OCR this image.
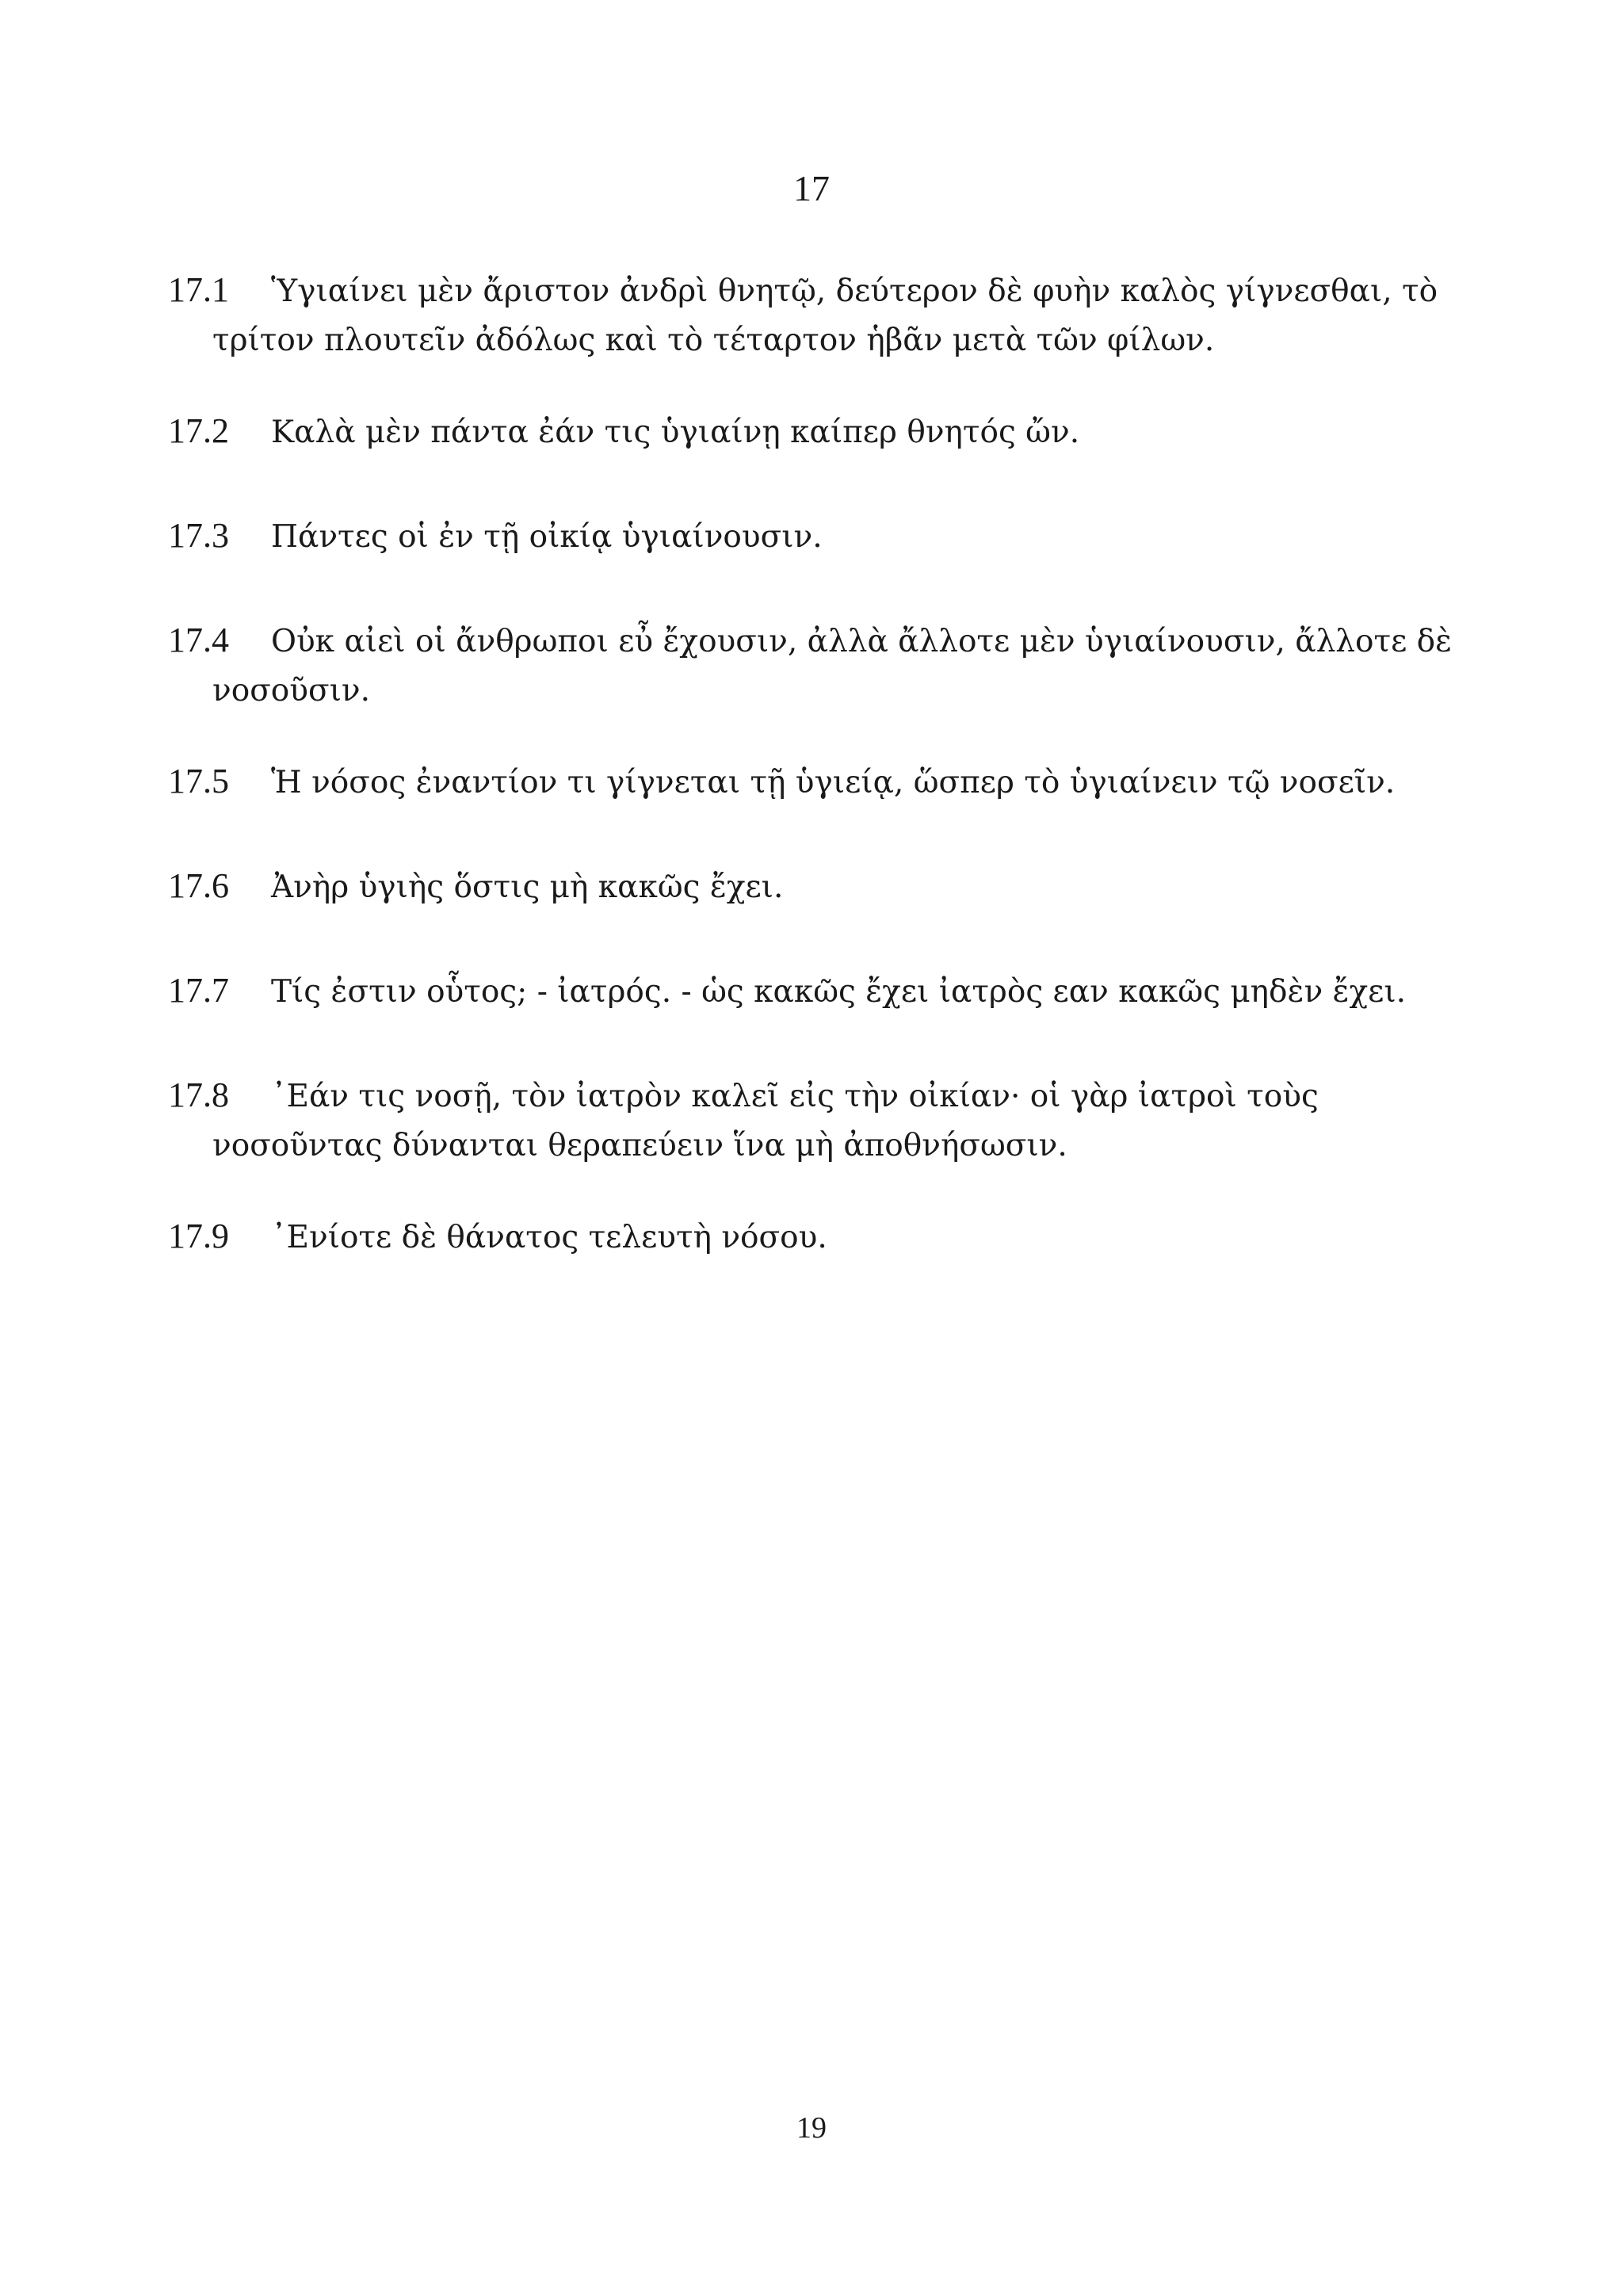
17

17.1 Ὑγιαίνει μὲν ἄριστον ἀνδρὶ θνητῷ, δεύτερον δὲ φυὴν καλὸς γίγνεσθαι, τὸ
τρίτον πλουτεῖν ἀδόλως καὶ τὸ τέταρτον ἡβᾶν μετὰ τῶν φίλων.

17.2 Καλὰ μὲν πάντα ἐάν τις ὑγιαίνῃ καίπερ θνητός ὤν.

17.3 Πάντες οἱ ἐν τῇ οἰκίᾳ ὑγιαίνουσιν.

17.4 Οὐκ αἰεὶ οἱ ἄνθρωποι εὖ ἔχουσιν, ἀλλὰ ἄλλοτε μὲν ὑγιαίνουσιν, ἄλλοτε δὲ
νοσοῦσιν.

17.5 Ἡ νόσος ἐναντίον τι γίγνεται τῇ ὑγιείᾳ, ὥσπερ τὸ ὑγιαίνειν τῷ νοσεῖν.

17.6 Ἀνὴρ ὑγιὴς ὅστις μὴ κακῶς ἔχει.

17.7 Τίς ἐστιν οὗτος; - ἰατρός. - ὡς κακῶς ἔχει ἰατρὸς εαν κακῶς μηδὲν ἔχει.

17.8 ᾿Εάν τις νοσῇ, τὸν ἰατρὸν καλεῖ εἰς τὴν οἰκίαν· οἱ γὰρ ἰατροὶ τοὺς
νοσοῦντας δύνανται θεραπεύειν ἵνα μὴ ἀποθνήσωσιν.

17.9 ᾿Ενίοτε δὲ θάνατος τελευτὴ νόσου.

19
